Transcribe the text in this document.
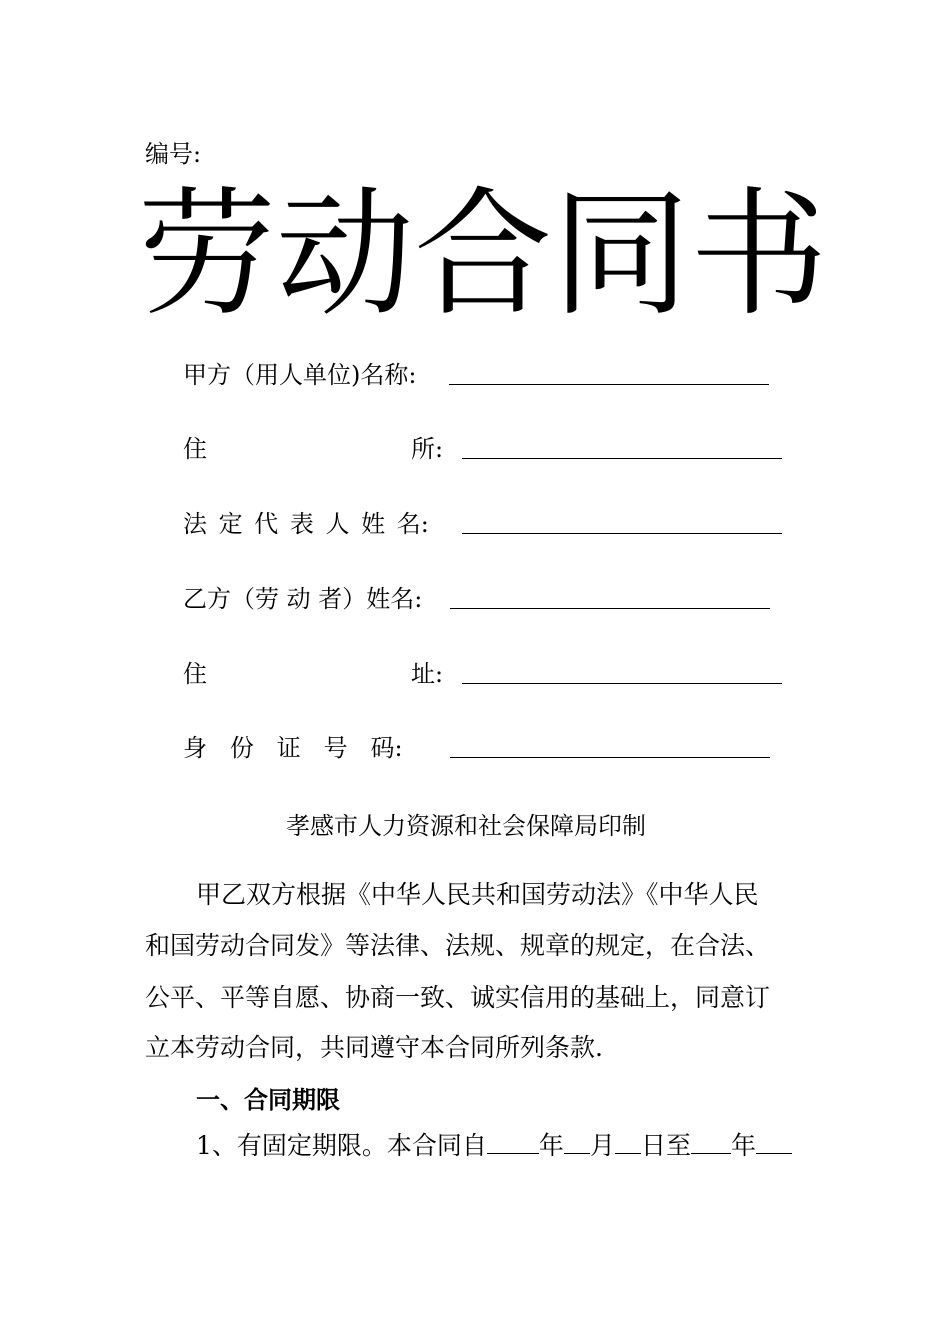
编号:
劳 动 合 同 书
甲方（用人单位)名称:
住	所:
法 定 代 表 人 姓 名:
乙方（劳 动 者）姓名:
住	址:
身   份   证   号   码:
孝感市人力资源和社会保障局印制
甲乙双方根据《中华人民共和国劳动法》《中华人民
和国劳动合同发》等法律、法规、规章的规定，在合法、
公平、平等自愿、协商一致、诚实信用的基础上，同意订
立本劳动合同，共同遵守本合同所列条款.
一、合同期限
1、有固定期限。本合同自 年 月 日至 年
